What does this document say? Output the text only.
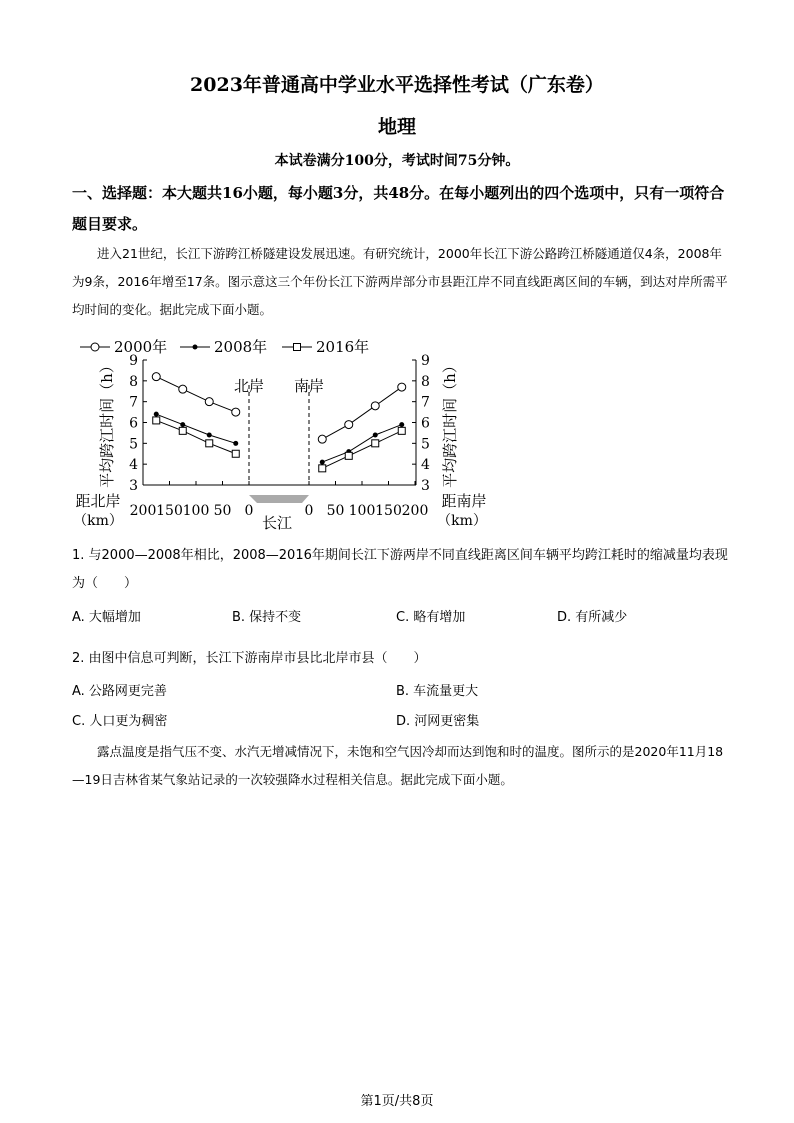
2023年普通高中学业水平选择性考试（广东卷）
地理
本试卷满分100分，考试时间75分钟。
一、选择题：本大题共16小题，每小题3分，共48分。在每小题列出的四个选项中，只有一项符合题目要求。
进入21世纪，长江下游跨江桥隧建设发展迅速。有研究统计，2000年长江下游公路跨江桥隧通道仅4条，2008年为9条，2016年增至17条。图示意这三个年份长江下游两岸部分市县距江岸不同直线距离区间的车辆，到达对岸所需平均时间的变化。据此完成下面小题。
2000年	2008年	2016年
3	3
4	4
5	5
6	6
7	7
8	8
9	9
200 150 100 50 0	0 50 100 150 200
北岸 南岸
长江
距北岸
（km）
距南岸
（km）
平均跨江时间（h）	平均跨江时间（h）
1. 与2000—2008年相比，2008—2016年期间长江下游两岸不同直线距离区间车辆平均跨江耗时的缩减量均表现为（　　）
A. 大幅增加	B. 保持不变	C. 略有增加	D. 有所减少
2. 由图中信息可判断，长江下游南岸市县比北岸市县（　　）
A. 公路网更完善	B. 车流量更大
C. 人口更为稠密	D. 河网更密集
露点温度是指气压不变、水汽无增减情况下，未饱和空气因冷却而达到饱和时的温度。图所示的是2020年11月18—19日吉林省某气象站记录的一次较强降水过程相关信息。据此完成下面小题。
第1页/共8页
